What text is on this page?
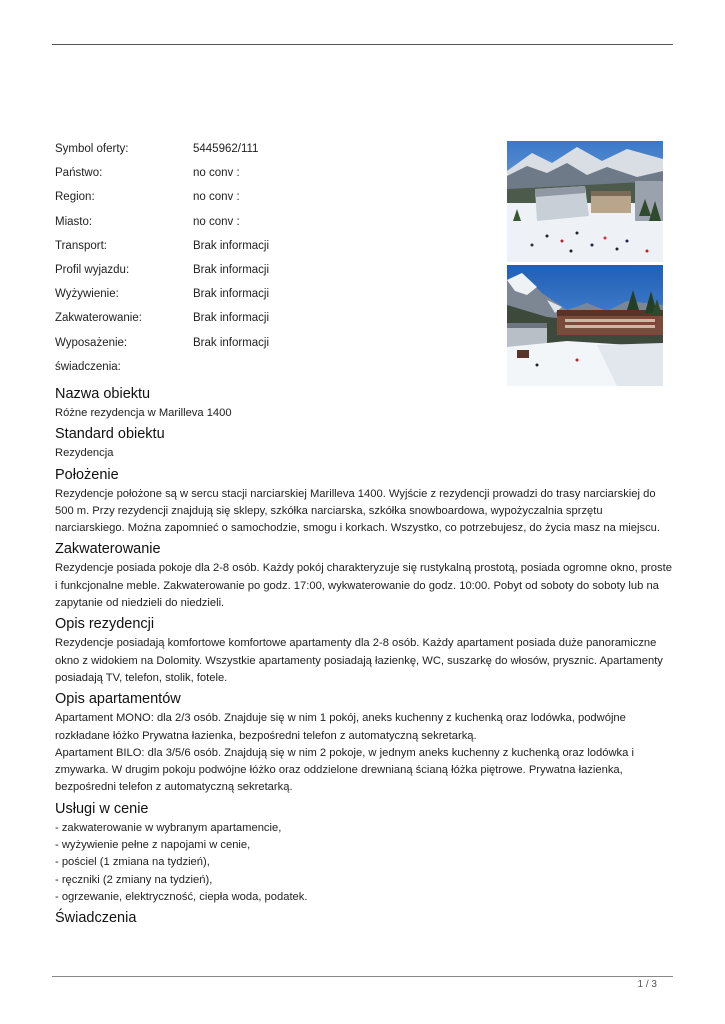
Symbol oferty:	5445962/111
Państwo:	no conv :
Region:	no conv :
Miasto:	no conv :
Transport:	Brak informacji
Profil wyjazdu:	Brak informacji
Wyżywienie:	Brak informacji
Zakwaterowanie:	Brak informacji
Wyposażenie:	Brak informacji
świadczenia:
Nazwa obiektu

Różne rezydencja w Marilleva 1400

Standard obiektu

Rezydencja

Położenie

Rezydencje położone są w sercu stacji narciarskiej Marilleva 1400. Wyjście z rezydencji prowadzi do trasy narciarskiej do 500 m. Przy rezydencji znajdują się sklepy, szkółka narciarska, szkółka snowboardowa, wypożyczalnia sprzętu narciarskiego. Można zapomnieć o samochodzie, smogu i korkach. Wszystko, co potrzebujesz, do życia masz na miejscu.

Zakwaterowanie

Rezydencje posiada pokoje dla 2-8 osób. Każdy pokój charakteryzuje się rustykalną prostotą, posiada ogromne okno, proste i funkcjonalne meble. Zakwaterowanie po godz. 17:00, wykwaterowanie do godz. 10:00. Pobyt od soboty do soboty lub na zapytanie od niedzieli do niedzieli.

Opis rezydencji

Rezydencje posiadają komfortowe komfortowe apartamenty dla 2-8 osób. Każdy apartament posiada duże panoramiczne okno z widokiem na Dolomity. Wszystkie apartamenty posiadają łazienkę, WC, suszarkę do włosów, prysznic. Apartamenty posiadają TV, telefon, stolik, fotele.

Opis apartamentów

Apartament MONO: dla 2/3 osób. Znajduje się w nim 1 pokój, aneks kuchenny z kuchenką oraz lodówka, podwójne rozkładane łóżko Prywatna łazienka, bezpośredni telefon z automatyczną sekretarką.

Apartament BILO: dla 3/5/6 osób. Znajdują się w nim 2 pokoje, w jednym aneks kuchenny z kuchenką oraz lodówka i zmywarka. W drugim pokoju podwójne łóżko oraz oddzielone drewnianą ścianą łóżka piętrowe. Prywatna łazienka, bezpośredni telefon z automatyczną sekretarką.

Usługi w cenie

- zakwaterowanie w wybranym apartamencie,

- wyżywienie pełne z napojami w cenie,

- pościel (1 zmiana na tydzień),

- ręczniki (2 zmiany na tydzień),

- ogrzewanie, elektryczność, ciepła woda, podatek.

Świadczenia
1 / 3
